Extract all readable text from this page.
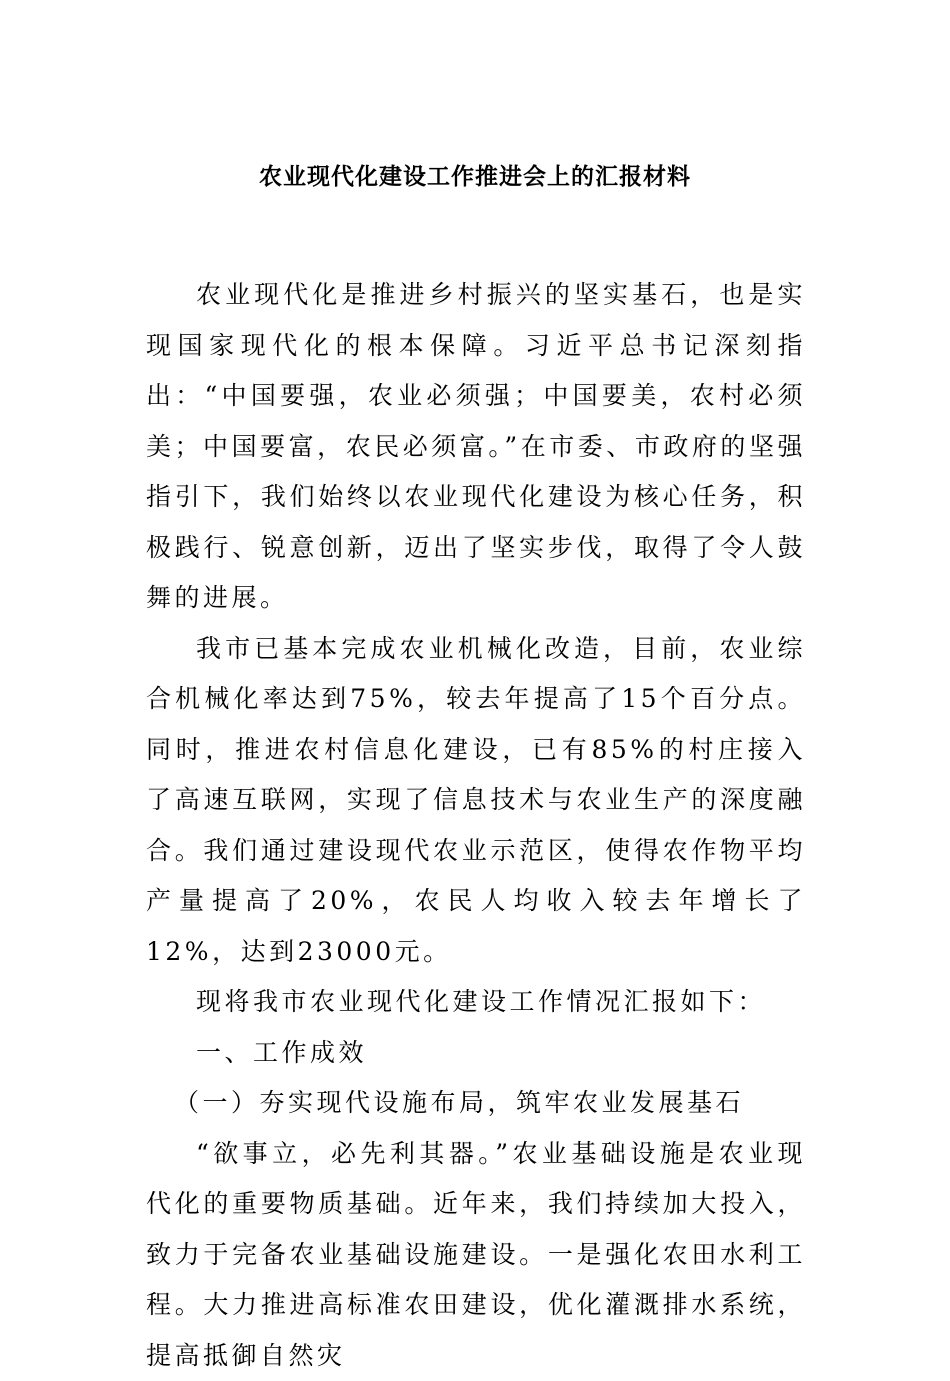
农业现代化建设工作推进会上的汇报材料

农业现代化是推进乡村振兴的坚实基石，也是实现国家现代化的根本保障。习近平总书记深刻指出：“中国要强，农业必须强；中国要美，农村必须美；中国要富，农民必须富。”在市委、市政府的坚强指引下，我们始终以农业现代化建设为核心任务，积极践行、锐意创新，迈出了坚实步伐，取得了令人鼓舞的进展。

我市已基本完成农业机械化改造，目前，农业综合机械化率达到75%，较去年提高了15个百分点。同时，推进农村信息化建设，已有85%的村庄接入了高速互联网，实现了信息技术与农业生产的深度融合。我们通过建设现代农业示范区，使得农作物平均产量提高了20%，农民人均收入较去年增长了12%，达到23000元。

现将我市农业现代化建设工作情况汇报如下：

一、工作成效

（一）夯实现代设施布局，筑牢农业发展基石

“欲事立，必先利其器。”农业基础设施是农业现代化的重要物质基础。近年来，我们持续加大投入，致力于完备农业基础设施建设。一是强化农田水利工程。大力推进高标准农田建设，优化灌溉排水系统，提高抵御自然灾
